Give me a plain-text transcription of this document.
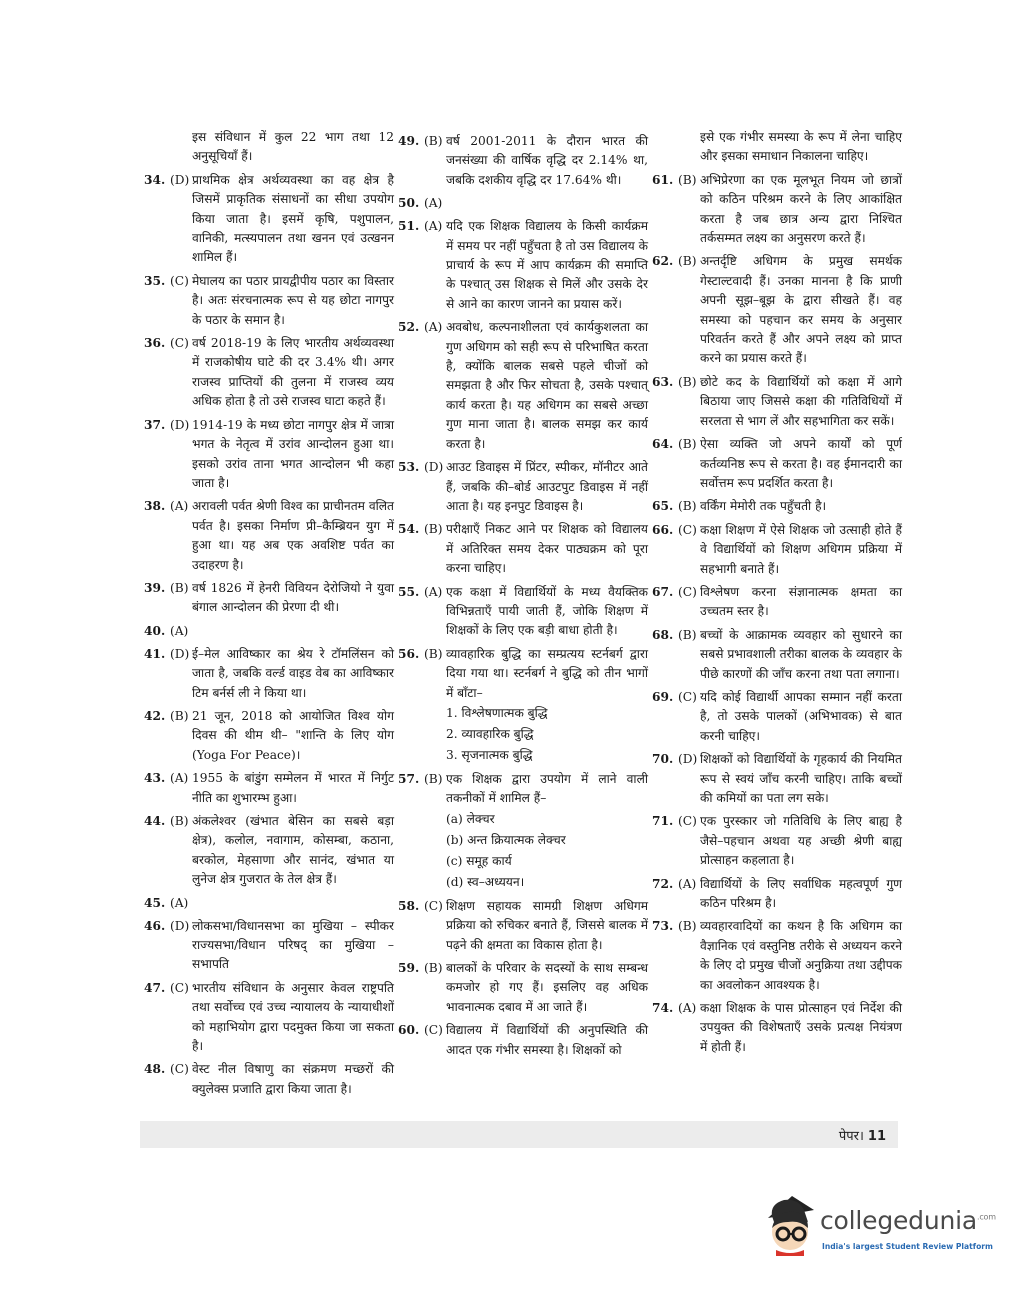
इस संविधान में कुल 22 भाग तथा 12 अनुसूचियाँ हैं।
34. (D) प्राथमिक क्षेत्र अर्थव्यवस्था का वह क्षेत्र है जिसमें प्राकृतिक संसाधनों का सीधा उपयोग किया जाता है। इसमें कृषि, पशुपालन, वानिकी, मत्स्यपालन तथा खनन एवं उत्खनन शामिल हैं।
35. (C) मेघालय का पठार प्रायद्वीपीय पठार का विस्तार है। अतः संरचनात्मक रूप से यह छोटा नागपुर के पठार के समान है।
36. (C) वर्ष 2018-19 के लिए भारतीय अर्थव्यवस्था में राजकोषीय घाटे की दर 3.4% थी। अगर राजस्व प्राप्तियों की तुलना में राजस्व व्यय अधिक होता है तो उसे राजस्व घाटा कहते हैं।
37. (D) 1914-19 के मध्य छोटा नागपुर क्षेत्र में जात्रा भगत के नेतृत्व में उरांव आन्दोलन हुआ था। इसको उरांव ताना भगत आन्दोलन भी कहा जाता है।
38. (A) अरावली पर्वत श्रेणी विश्व का प्राचीनतम वलित पर्वत है। इसका निर्माण प्री–कैम्ब्रियन युग में हुआ था। यह अब एक अवशिष्ट पर्वत का उदाहरण है।
39. (B) वर्ष 1826 में हेनरी विवियन देरोजियो ने युवा बंगाल आन्दोलन की प्रेरणा दी थी।
40. (A)
41. (D) ई–मेल आविष्कार का श्रेय रे टॉमलिंसन को जाता है, जबकि वर्ल्ड वाइड वेब का आविष्कार टिम बर्नर्स ली ने किया था।
42. (B) 21 जून, 2018 को आयोजित विश्व योग दिवस की थीम थी– "शान्ति के लिए योग (Yoga For Peace)।
43. (A) 1955 के बांडुंग सम्मेलन में भारत में निर्गुट नीति का शुभारम्भ हुआ।
44. (B) अंकलेश्वर (खंभात बेसिन का सबसे बड़ा क्षेत्र), कलोल, नवागाम, कोसम्बा, कठाना, बरकोल, मेहसाणा और सानंद, खंभात या लुनेज क्षेत्र गुजरात के तेल क्षेत्र हैं।
45. (A)
46. (D) लोकसभा/विधानसभा का मुखिया – स्पीकर राज्यसभा/विधान परिषद् का मुखिया – सभापति
47. (C) भारतीय संविधान के अनुसार केवल राष्ट्रपति तथा सर्वोच्च एवं उच्च न्यायालय के न्यायाधीशों को महाभियोग द्वारा पदमुक्त किया जा सकता है।
48. (C) वेस्ट नील विषाणु का संक्रमण मच्छरों की क्युलेक्स प्रजाति द्वारा किया जाता है।
49. (B) वर्ष 2001-2011 के दौरान भारत की जनसंख्या की वार्षिक वृद्धि दर 2.14% था, जबकि दशकीय वृद्धि दर 17.64% थी।
50. (A)
51. (A) यदि एक शिक्षक विद्यालय के किसी कार्यक्रम में समय पर नहीं पहुँचता है तो उस विद्यालय के प्राचार्य के रूप में आप कार्यक्रम की समाप्ति के पश्चात् उस शिक्षक से मिलें और उसके देर से आने का कारण जानने का प्रयास करें।
52. (A) अवबोध, कल्पनाशीलता एवं कार्यकुशलता का गुण अधिगम को सही रूप से परिभाषित करता है, क्योंकि बालक सबसे पहले चीजों को समझता है और फिर सोचता है, उसके पश्चात् कार्य करता है। यह अधिगम का सबसे अच्छा गुण माना जाता है। बालक समझ कर कार्य करता है।
53. (D) आउट डिवाइस में प्रिंटर, स्पीकर, मॉनीटर आते हैं, जबकि की–बोर्ड आउटपुट डिवाइस में नहीं आता है। यह इनपुट डिवाइस है।
54. (B) परीक्षाएँ निकट आने पर शिक्षक को विद्यालय में अतिरिक्त समय देकर पाठ्यक्रम को पूरा करना चाहिए।
55. (A) एक कक्षा में विद्यार्थियों के मध्य वैयक्तिक विभिन्नताएँ पायी जाती हैं, जोकि शिक्षण में शिक्षकों के लिए एक बड़ी बाधा होती है।
56. (B) व्यावहारिक बुद्धि का सम्प्रत्यय स्टर्नबर्ग द्वारा दिया गया था। स्टर्नबर्ग ने बुद्धि को तीन भागों में बाँटा–
1. विश्लेषणात्मक बुद्धि
2. व्यावहारिक बुद्धि
3. सृजनात्मक बुद्धि
57. (B) एक शिक्षक द्वारा उपयोग में लाने वाली तकनीकों में शामिल हैं–
(a) लेक्चर
(b) अन्त क्रियात्मक लेक्चर
(c) समूह कार्य
(d) स्व–अध्ययन।
58. (C) शिक्षण सहायक सामग्री शिक्षण अधिगम प्रक्रिया को रुचिकर बनाते हैं, जिससे बालक में पढ़ने की क्षमता का विकास होता है।
59. (B) बालकों के परिवार के सदस्यों के साथ सम्बन्ध कमजोर हो गए हैं। इसलिए वह अधिक भावनात्मक दबाव में आ जाते हैं।
60. (C) विद्यालय में विद्यार्थियों की अनुपस्थिति की आदत एक गंभीर समस्या है। शिक्षकों को
इसे एक गंभीर समस्या के रूप में लेना चाहिए और इसका समाधान निकालना चाहिए।
61. (B) अभिप्रेरणा का एक मूलभूत नियम जो छात्रों को कठिन परिश्रम करने के लिए आकांक्षित करता है जब छात्र अन्य द्वारा निश्चित तर्कसम्मत लक्ष्य का अनुसरण करते हैं।
62. (B) अन्तर्दृष्टि अधिगम के प्रमुख समर्थक गेस्टाल्टवादी हैं। उनका मानना है कि प्राणी अपनी सूझ–बूझ के द्वारा सीखते हैं। वह समस्या को पहचान कर समय के अनुसार परिवर्तन करते हैं और अपने लक्ष्य को प्राप्त करने का प्रयास करते हैं।
63. (B) छोटे कद के विद्यार्थियों को कक्षा में आगे बिठाया जाए जिससे कक्षा की गतिविधियों में सरलता से भाग लें और सहभागिता कर सकें।
64. (B) ऐसा व्यक्ति जो अपने कार्यों को पूर्ण कर्तव्यनिष्ठ रूप से करता है। वह ईमानदारी का सर्वोत्तम रूप प्रदर्शित करता है।
65. (B) वर्किंग मेमोरी तक पहुँचती है।
66. (C) कक्षा शिक्षण में ऐसे शिक्षक जो उत्साही होते हैं वे विद्यार्थियों को शिक्षण अधिगम प्रक्रिया में सहभागी बनाते हैं।
67. (C) विश्लेषण करना संज्ञानात्मक क्षमता का उच्चतम स्तर है।
68. (B) बच्चों के आक्रामक व्यवहार को सुधारने का सबसे प्रभावशाली तरीका बालक के व्यवहार के पीछे कारणों की जाँच करना तथा पता लगाना।
69. (C) यदि कोई विद्यार्थी आपका सम्मान नहीं करता है, तो उसके पालकों (अभिभावक) से बात करनी चाहिए।
70. (D) शिक्षकों को विद्यार्थियों के गृहकार्य की नियमित रूप से स्वयं जाँच करनी चाहिए। ताकि बच्चों की कमियों का पता लग सके।
71. (C) एक पुरस्कार जो गतिविधि के लिए बाह्य है जैसे–पहचान अथवा यह अच्छी श्रेणी बाह्य प्रोत्साहन कहलाता है।
72. (A) विद्यार्थियों के लिए सर्वाधिक महत्वपूर्ण गुण कठिन परिश्रम है।
73. (B) व्यवहारवादियों का कथन है कि अधिगम का वैज्ञानिक एवं वस्तुनिष्ठ तरीके से अध्ययन करने के लिए दो प्रमुख चीजों अनुक्रिया तथा उद्दीपक का अवलोकन आवश्यक है।
74. (A) कक्षा शिक्षक के पास प्रोत्साहन एवं निर्देश की उपयुक्त की विशेषताएँ उसके प्रत्यक्ष नियंत्रण में होती हैं।
पेपर। 11
collegedunia$^{.com}$
India's largest Student Review Platform
